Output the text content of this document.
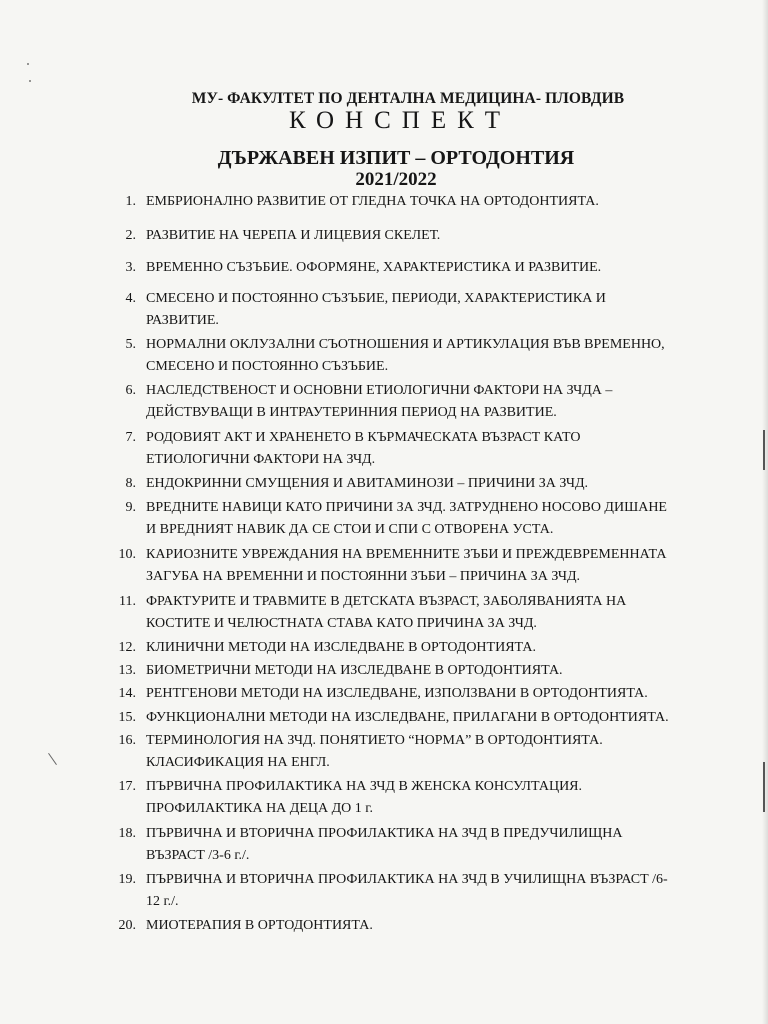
МУ- ФАКУЛТЕТ ПО ДЕНТАЛНА МЕДИЦИНА- ПЛОВДИВ
КОНСПЕКТ
ДЪРЖАВЕН ИЗПИТ – ОРТОДОНТИЯ
2021/2022
1. ЕМБРИОНАЛНО РАЗВИТИЕ ОТ ГЛЕДНА ТОЧКА НА ОРТОДОНТИЯТА.
2. РАЗВИТИЕ НА ЧЕРЕПА И ЛИЦЕВИЯ СКЕЛЕТ.
3. ВРЕМЕННО СЪЗЪБИЕ. ОФОРМЯНЕ, ХАРАКТЕРИСТИКА И РАЗВИТИЕ.
4. СМЕСЕНО И ПОСТОЯННО СЪЗЪБИЕ, ПЕРИОДИ, ХАРАКТЕРИСТИКА И
РАЗВИТИЕ.
5. НОРМАЛНИ ОКЛУЗАЛНИ СЪОТНОШЕНИЯ И АРТИКУЛАЦИЯ ВЪВ ВРЕМЕННО,
СМЕСЕНО И ПОСТОЯННО СЪЗЪБИЕ.
6. НАСЛЕДСТВЕНОСТ И ОСНОВНИ ЕТИОЛОГИЧНИ ФАКТОРИ НА ЗЧДА –
ДЕЙСТВУВАЩИ В ИНТРАУТЕРИННИЯ ПЕРИОД НА РАЗВИТИЕ.
7. РОДОВИЯТ АКТ И ХРАНЕНЕТО В КЪРМАЧЕСКАТА ВЪЗРАСТ КАТО
ЕТИОЛОГИЧНИ ФАКТОРИ НА ЗЧД.
8. ЕНДОКРИННИ СМУЩЕНИЯ И АВИТАМИНОЗИ – ПРИЧИНИ ЗА ЗЧД.
9. ВРЕДНИТЕ НАВИЦИ КАТО ПРИЧИНИ ЗА ЗЧД. ЗАТРУДНЕНО НОСОВО ДИШАНЕ
И ВРЕДНИЯТ НАВИК ДА СЕ СТОИ И СПИ С ОТВОРЕНА УСТА.
10. КАРИОЗНИТЕ УВРЕЖДАНИЯ НА ВРЕМЕННИТЕ ЗЪБИ И ПРЕЖДЕВРЕМЕННАТА
ЗАГУБА НА ВРЕМЕННИ И ПОСТОЯННИ ЗЪБИ – ПРИЧИНА ЗА ЗЧД.
11. ФРАКТУРИТЕ И ТРАВМИТЕ В ДЕТСКАТА ВЪЗРАСТ, ЗАБОЛЯВАНИЯТА НА
КОСТИТЕ И ЧЕЛЮСТНАТА СТАВА КАТО ПРИЧИНА ЗА ЗЧД.
12. КЛИНИЧНИ МЕТОДИ НА ИЗСЛЕДВАНЕ В ОРТОДОНТИЯТА.
13. БИОМЕТРИЧНИ МЕТОДИ НА ИЗСЛЕДВАНЕ В ОРТОДОНТИЯТА.
14. РЕНТГЕНОВИ МЕТОДИ НА ИЗСЛЕДВАНЕ, ИЗПОЛЗВАНИ В ОРТОДОНТИЯТА.
15. ФУНКЦИОНАЛНИ МЕТОДИ НА ИЗСЛЕДВАНЕ, ПРИЛАГАНИ В ОРТОДОНТИЯТА.
16. ТЕРМИНОЛОГИЯ НА ЗЧД. ПОНЯТИЕТО “НОРМА” В ОРТОДОНТИЯТА.
КЛАСИФИКАЦИЯ НА ЕНГЛ.
17. ПЪРВИЧНА ПРОФИЛАКТИКА НА ЗЧД В ЖЕНСКА КОНСУЛТАЦИЯ.
ПРОФИЛАКТИКА НА ДЕЦА ДО 1 г.
18. ПЪРВИЧНА И ВТОРИЧНА ПРОФИЛАКТИКА НА ЗЧД В ПРЕДУЧИЛИЩНА
ВЪЗРАСТ /3-6 г./.
19. ПЪРВИЧНА И ВТОРИЧНА ПРОФИЛАКТИКА НА ЗЧД В УЧИЛИЩНА ВЪЗРАСТ /6-
12 г./.
20. МИОТЕРАПИЯ В ОРТОДОНТИЯТА.
